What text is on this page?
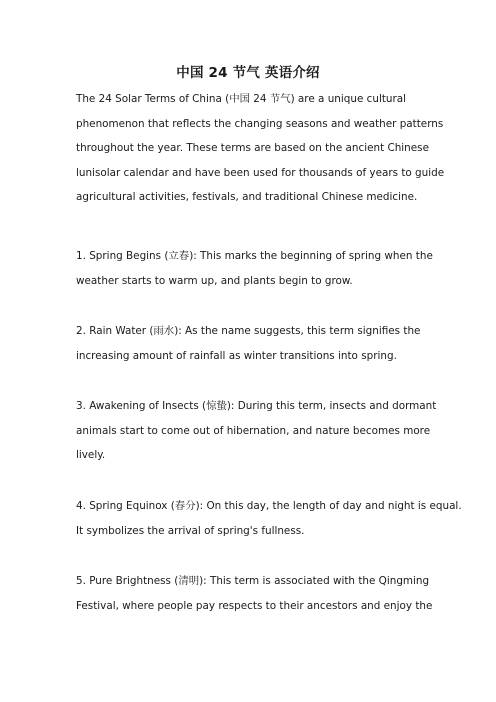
中国 24 节气 英语介绍

The 24 Solar Terms of China (中国 24 节气) are a unique cultural
phenomenon that reflects the changing seasons and weather patterns
throughout the year. These terms are based on the ancient Chinese
lunisolar calendar and have been used for thousands of years to guide
agricultural activities, festivals, and traditional Chinese medicine.

1. Spring Begins (立春): This marks the beginning of spring when the
weather starts to warm up, and plants begin to grow.

2. Rain Water (雨水): As the name suggests, this term signifies the
increasing amount of rainfall as winter transitions into spring.

3. Awakening of Insects (惊蛰): During this term, insects and dormant
animals start to come out of hibernation, and nature becomes more
lively.

4. Spring Equinox (春分): On this day, the length of day and night is equal.
It symbolizes the arrival of spring's fullness.

5. Pure Brightness (清明): This term is associated with the Qingming
Festival, where people pay respects to their ancestors and enjoy the
